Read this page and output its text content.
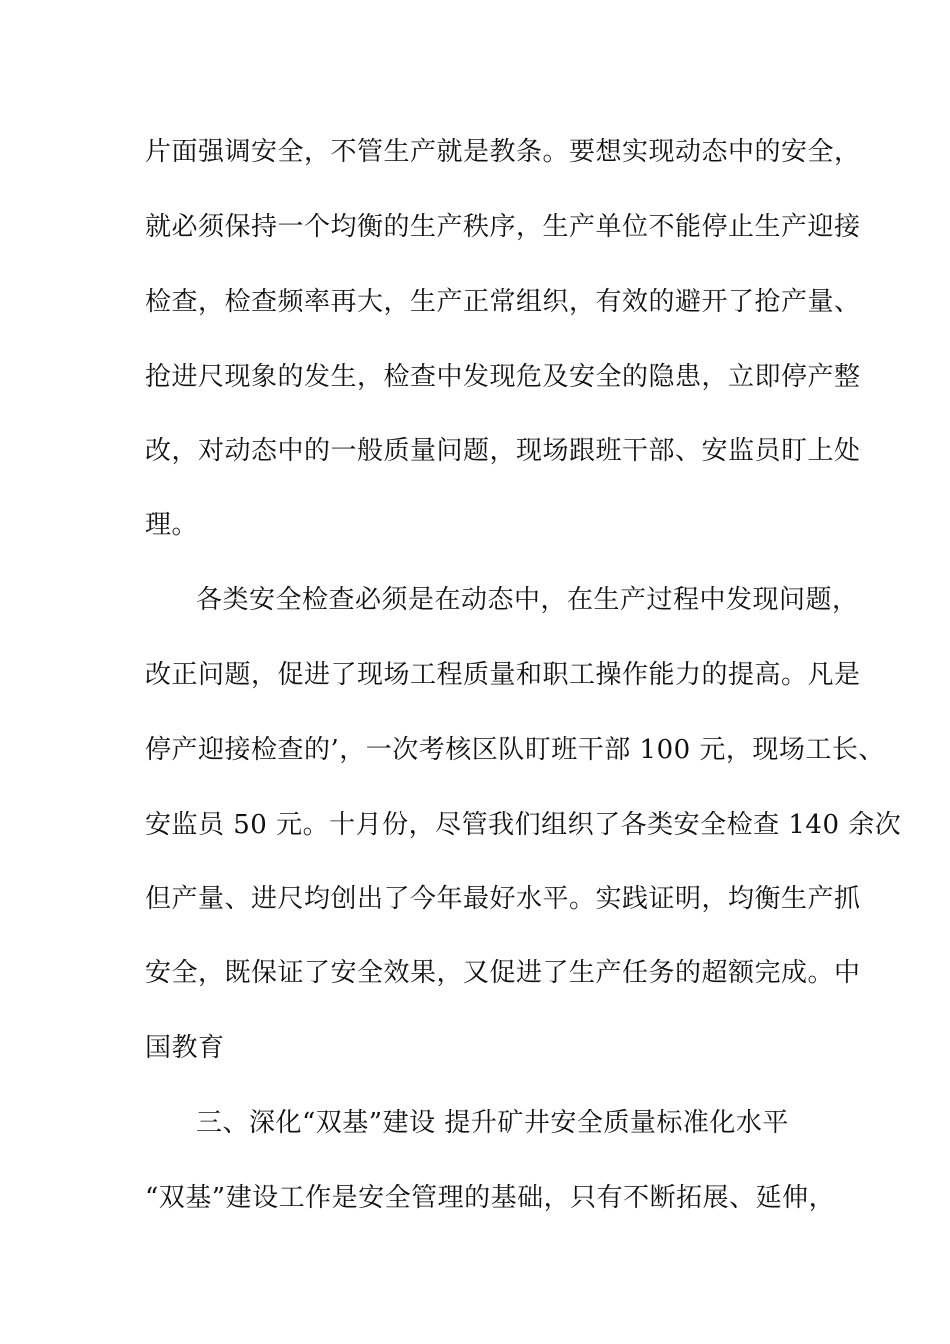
片面强调安全，不管生产就是教条。要想实现动态中的安全，
就必须保持一个均衡的生产秩序，生产单位不能停止生产迎接
检查，检查频率再大，生产正常组织，有效的避开了抢产量、
抢进尺现象的发生，检查中发现危及安全的隐患，立即停产整
改，对动态中的一般质量问题，现场跟班干部、安监员盯上处
理。
各类安全检查必须是在动态中，在生产过程中发现问题，
改正问题，促进了现场工程质量和职工操作能力的提高。凡是
停产迎接检查的’，一次考核区队盯班干部 100 元，现场工长、
安监员 50 元。十月份，尽管我们组织了各类安全检查 140 余次
但产量、进尺均创出了今年最好水平。实践证明，均衡生产抓
安全，既保证了安全效果，又促进了生产任务的超额完成。中
国教育
三、深化“双基”建设 提升矿井安全质量标准化水平
“双基”建设工作是安全管理的基础，只有不断拓展、延伸，
